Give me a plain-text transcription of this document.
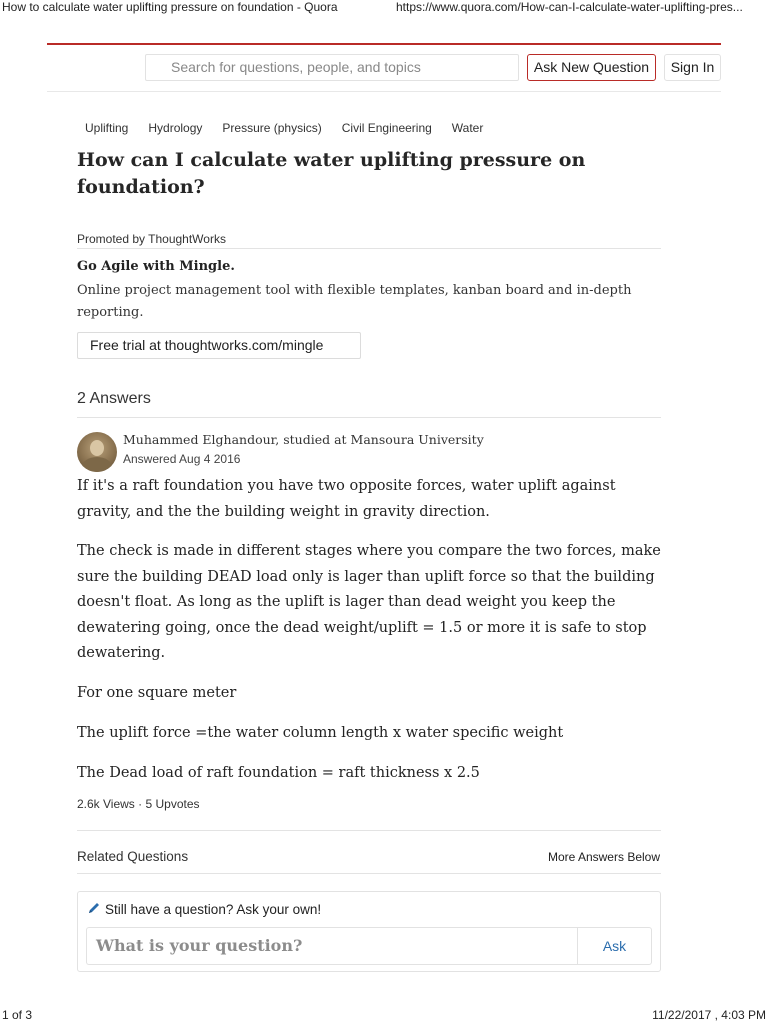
How to calculate water uplifting pressure on foundation - Quora	https://www.quora.com/How-can-I-calculate-water-uplifting-pres...
Search for questions, people, and topics	Ask New Question	Sign In
Uplifting Hydrology Pressure (physics) Civil Engineering Water
How can I calculate water uplifting pressure on foundation?
Promoted by ThoughtWorks
Go Agile with Mingle.
Online project management tool with flexible templates, kanban board and in-depth reporting.
Free trial at thoughtworks.com/mingle
2 Answers
Muhammed Elghandour, studied at Mansoura University
Answered Aug 4 2016
If it's a raft foundation you have two opposite forces, water uplift against gravity, and the the building weight in gravity direction.
The check is made in different stages where you compare the two forces, make sure the building DEAD load only is lager than uplift force so that the building doesn't float. As long as the uplift is lager than dead weight you keep the dewatering going, once the dead weight/uplift = 1.5 or more it is safe to stop dewatering.
For one square meter
The uplift force =the water column length x water specific weight
The Dead load of raft foundation = raft thickness x 2.5
2.6k Views · 5 Upvotes
Related Questions	More Answers Below
Still have a question? Ask your own!
What is your question?	Ask
1 of 3	11/22/2017 , 4:03 PM
